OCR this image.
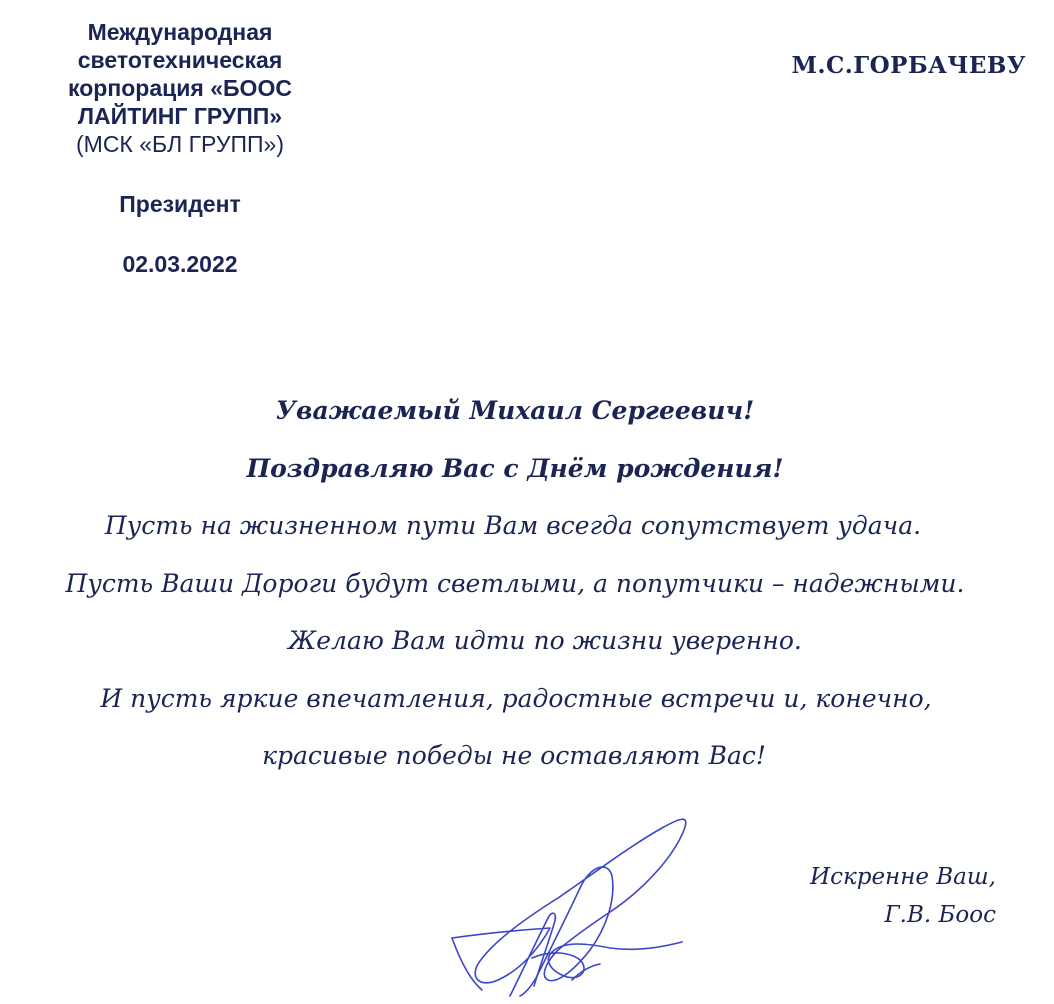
Международная
светотехническая
корпорация «БООС
ЛАЙТИНГ ГРУПП»
(МСК «БЛ ГРУПП»)
Президент
02.03.2022
М.С.ГОРБАЧЕВУ
Уважаемый Михаил Сергеевич!
Поздравляю Вас с Днём рождения!
Пусть на жизненном пути Вам всегда сопутствует удача.
Пусть Ваши Дороги будут светлыми, а попутчики – надежными.
Желаю Вам идти по жизни уверенно.
И пусть яркие впечатления, радостные встречи и, конечно,
красивые победы не оставляют Вас!
Искренне Ваш,
Г.В. Боос
